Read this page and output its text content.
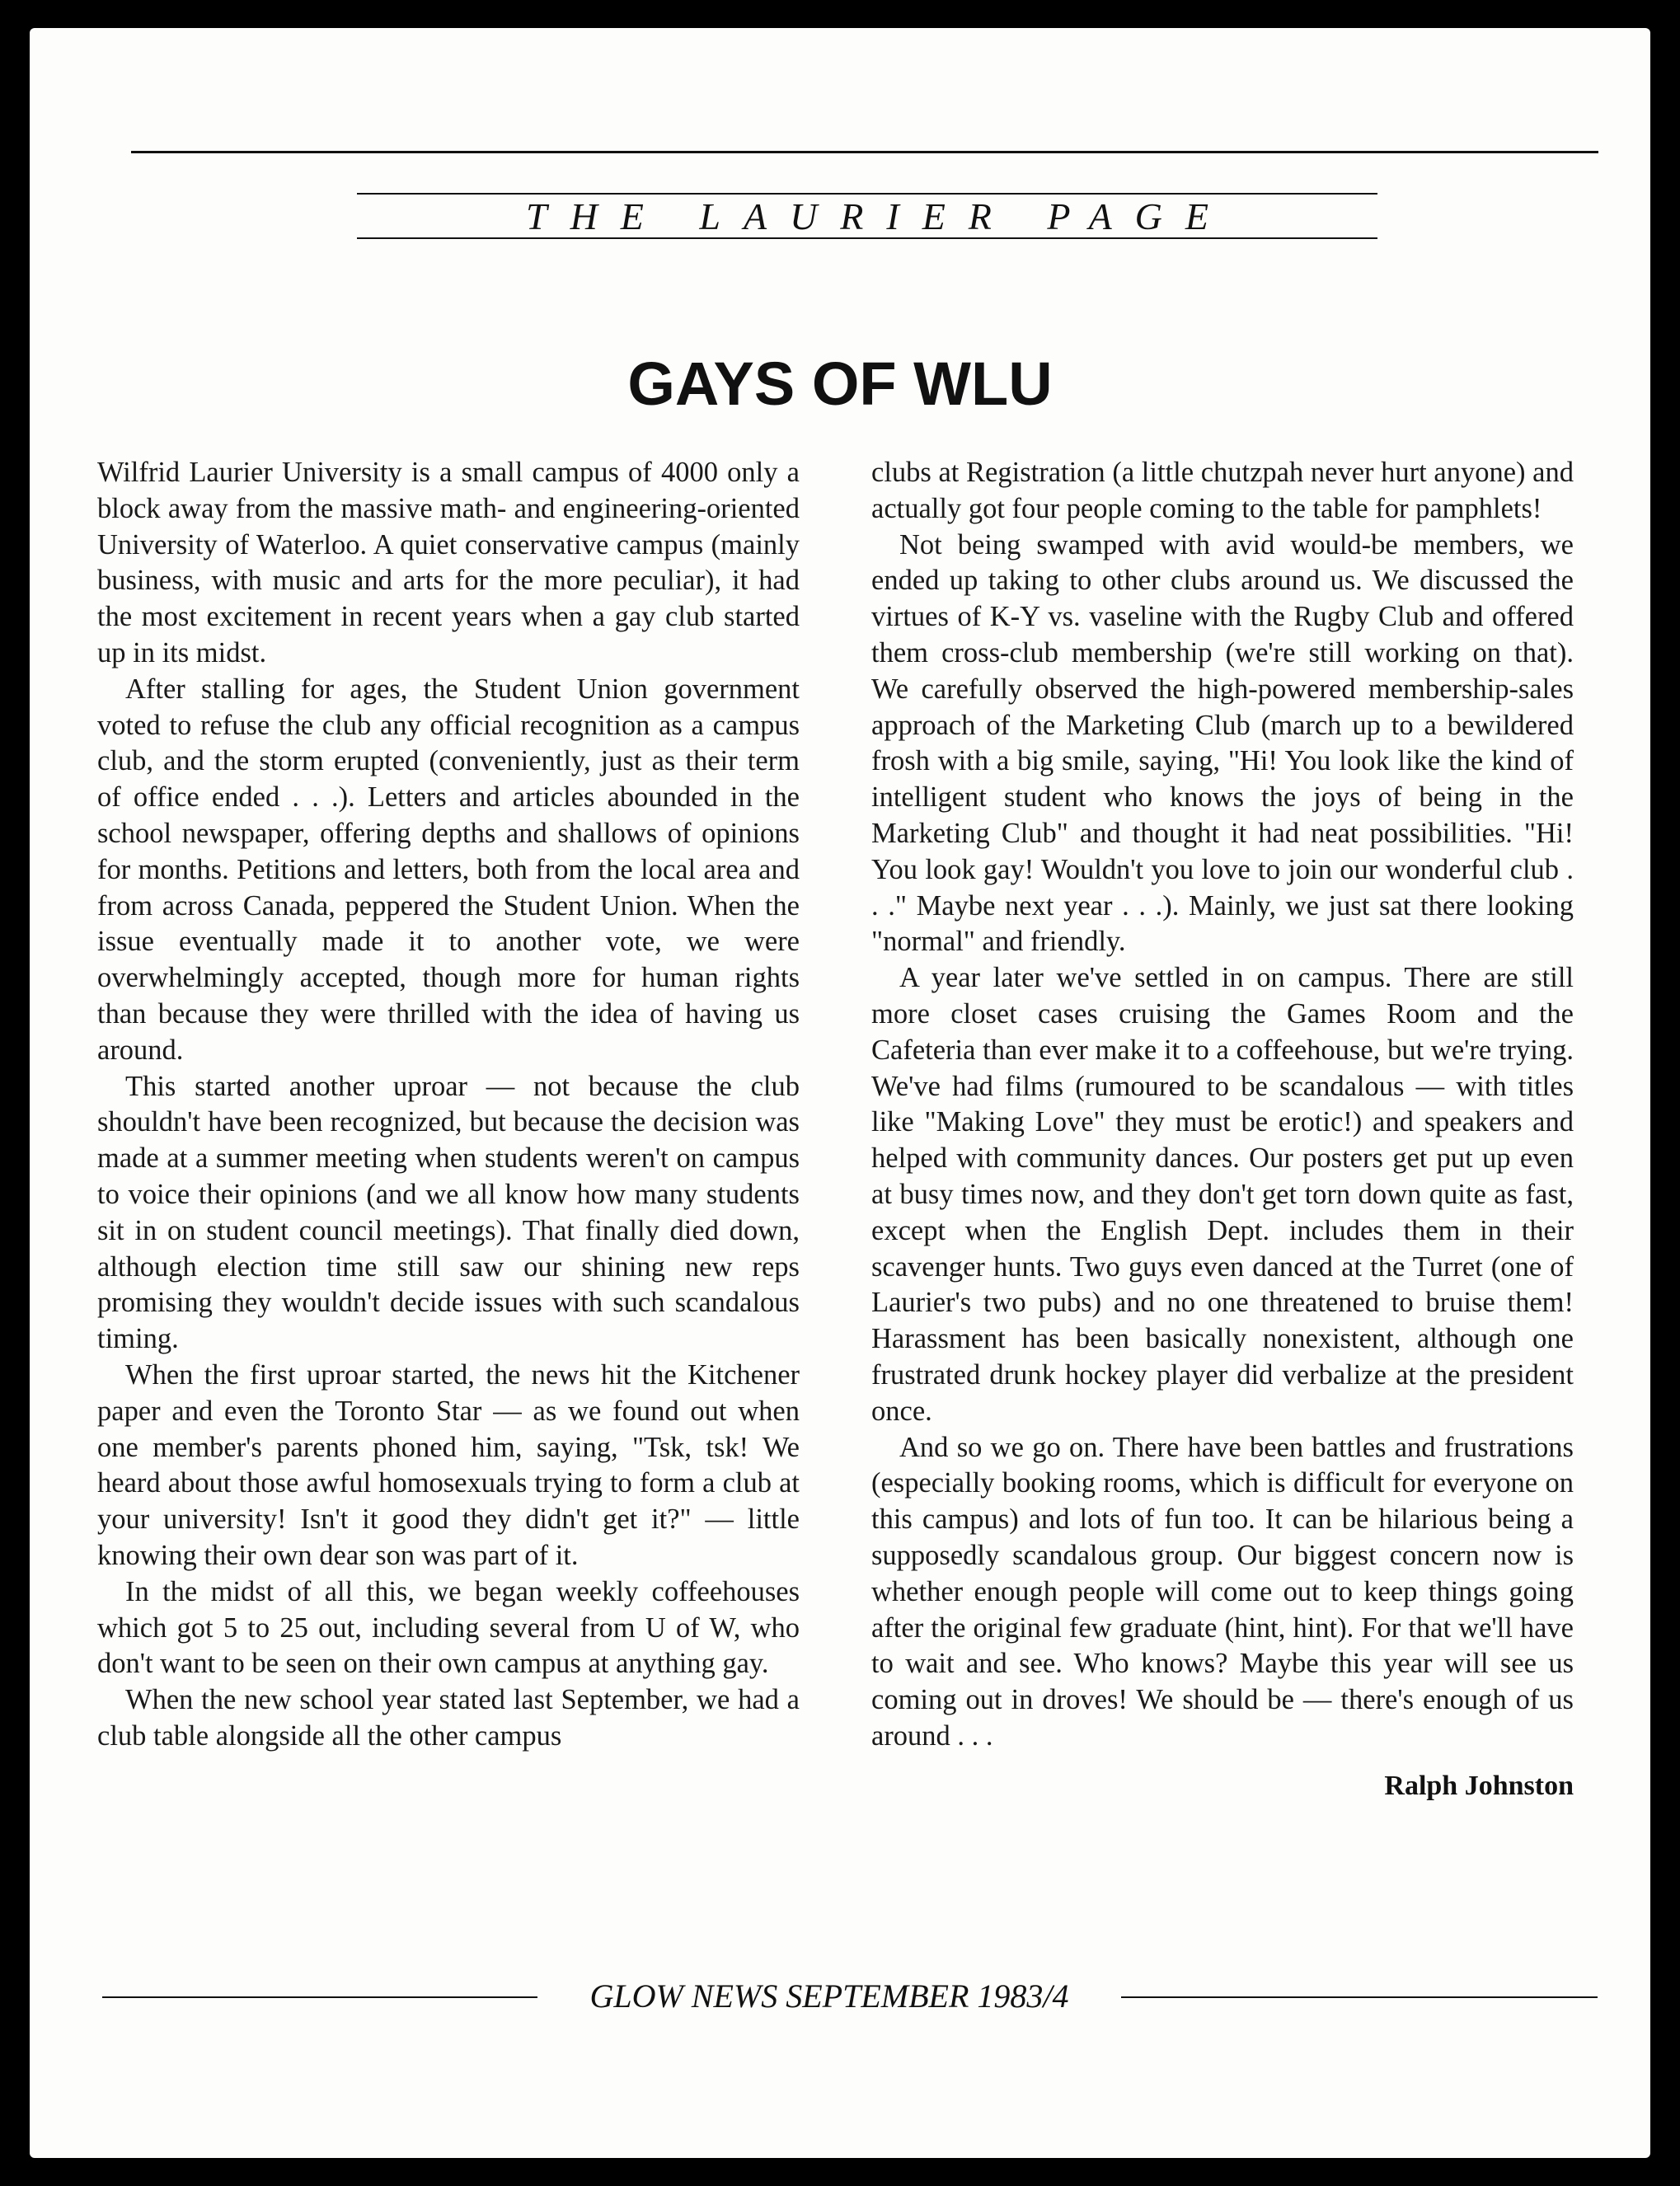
THE LAURIER PAGE
GAYS OF WLU

Wilfrid Laurier University is a small campus of 4000 only a block away from the massive math- and engineering-oriented University of Waterloo. A quiet conservative campus (mainly business, with music and arts for the more peculiar), it had the most excitement in recent years when a gay club started up in its midst.

After stalling for ages, the Student Union government voted to refuse the club any official recognition as a campus club, and the storm erupted (conveniently, just as their term of office ended . . .). Letters and articles abounded in the school newspaper, offering depths and shallows of opinions for months. Petitions and letters, both from the local area and from across Canada, peppered the Student Union. When the issue eventually made it to another vote, we were overwhelmingly accepted, though more for human rights than because they were thrilled with the idea of having us around.

This started another uproar — not because the club shouldn't have been recognized, but because the decision was made at a summer meeting when students weren't on campus to voice their opinions (and we all know how many students sit in on student council meetings). That finally died down, although election time still saw our shining new reps promising they wouldn't decide issues with such scandalous timing.

When the first uproar started, the news hit the Kitchener paper and even the Toronto Star — as we found out when one member's parents phoned him, saying, "Tsk, tsk! We heard about those awful homosexuals trying to form a club at your university! Isn't it good they didn't get it?" — little knowing their own dear son was part of it.

In the midst of all this, we began weekly coffeehouses which got 5 to 25 out, including several from U of W, who don't want to be seen on their own campus at anything gay.

When the new school year stated last September, we had a club table alongside all the other campus

clubs at Registration (a little chutzpah never hurt anyone) and actually got four people coming to the table for pamphlets!

Not being swamped with avid would-be members, we ended up taking to other clubs around us. We discussed the virtues of K-Y vs. vaseline with the Rugby Club and offered them cross-club membership (we're still working on that). We carefully observed the high-powered membership-sales approach of the Marketing Club (march up to a bewildered frosh with a big smile, saying, "Hi! You look like the kind of intelligent student who knows the joys of being in the Marketing Club" and thought it had neat possibilities. "Hi! You look gay! Wouldn't you love to join our wonderful club . . ." Maybe next year . . .). Mainly, we just sat there looking "normal" and friendly.

A year later we've settled in on campus. There are still more closet cases cruising the Games Room and the Cafeteria than ever make it to a coffeehouse, but we're trying. We've had films (rumoured to be scandalous — with titles like "Making Love" they must be erotic!) and speakers and helped with community dances. Our posters get put up even at busy times now, and they don't get torn down quite as fast, except when the English Dept. includes them in their scavenger hunts. Two guys even danced at the Turret (one of Laurier's two pubs) and no one threatened to bruise them! Harassment has been basically nonexistent, although one frustrated drunk hockey player did verbalize at the president once.

And so we go on. There have been battles and frustrations (especially booking rooms, which is difficult for everyone on this campus) and lots of fun too. It can be hilarious being a supposedly scandalous group. Our biggest concern now is whether enough people will come out to keep things going after the original few graduate (hint, hint). For that we'll have to wait and see. Who knows? Maybe this year will see us coming out in droves! We should be — there's enough of us around . . .

Ralph Johnston
GLOW NEWS SEPTEMBER 1983/4
